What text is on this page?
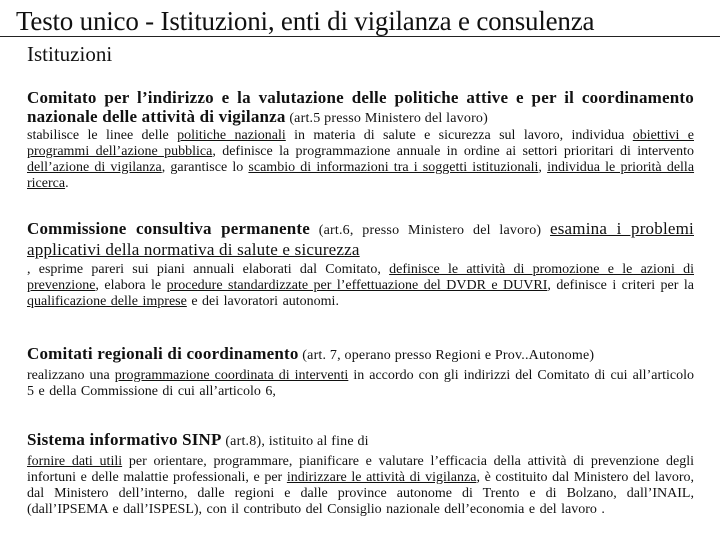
Testo unico - Istituzioni, enti di vigilanza e consulenza
Istituzioni

Comitato per l’indirizzo e la valutazione delle politiche attive e per il coordinamento nazionale delle attività di vigilanza (art.5 presso Ministero del lavoro)

stabilisce le linee delle politiche nazionali in materia di salute e sicurezza sul lavoro, individua obiettivi e programmi dell’azione pubblica, definisce la programmazione annuale in ordine ai settori prioritari di intervento dell’azione di vigilanza, garantisce lo scambio di informazioni tra i soggetti istituzionali, individua le priorità della ricerca.

Commissione consultiva permanente (art.6, presso Ministero del lavoro) esamina i problemi applicativi della normativa di salute e sicurezza

, esprime pareri sui piani annuali elaborati dal Comitato, definisce le attività di promozione e le azioni di prevenzione, elabora le procedure standardizzate per l’effettuazione del DVDR e DUVRI, definisce i criteri per la qualificazione delle imprese e dei lavoratori autonomi.

Comitati regionali di coordinamento (art. 7, operano presso Regioni e Prov..Autonome)

realizzano una programmazione coordinata di interventi in accordo con gli indirizzi del Comitato di cui all’articolo 5 e della Commissione di cui all’articolo 6,

Sistema informativo SINP (art.8), istituito al fine di

fornire dati utili per orientare, programmare, pianificare e valutare l’efficacia della attività di prevenzione degli infortuni e delle malattie professionali, e per indirizzare le attività di vigilanza, è costituito dal Ministero del lavoro, dal Ministero dell’interno, dalle regioni e dalle province autonome di Trento e di Bolzano, dall’INAIL, (dall’IPSEMA e dall’ISPESL), con il contributo del Consiglio nazionale dell’economia e del lavoro .
